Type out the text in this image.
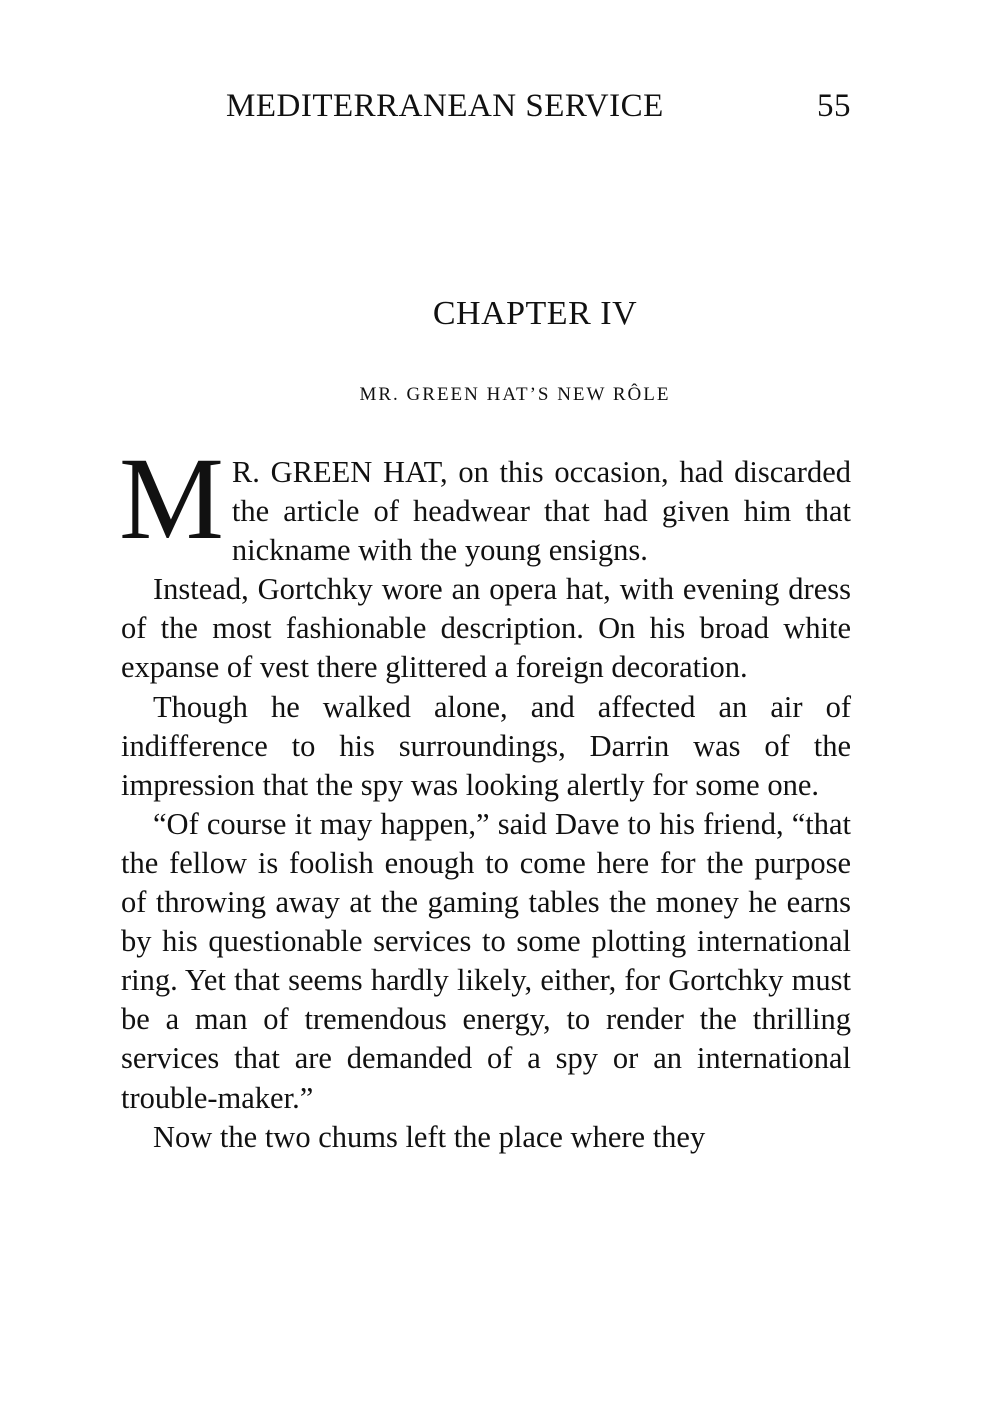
MEDITERRANEAN SERVICE	55
CHAPTER IV
MR. GREEN HAT’S NEW RÔLE

M R. GREEN HAT, on this occasion, had discarded the article of headwear that had given him that nickname with the young ensigns.

Instead, Gortchky wore an opera hat, with evening dress of the most fashionable description. On his broad white expanse of vest there glittered a foreign decoration.

Though he walked alone, and affected an air of indifference to his surroundings, Darrin was of the impression that the spy was looking alertly for some one.

“Of course it may happen,” said Dave to his friend, “that the fellow is foolish enough to come here for the purpose of throwing away at the gaming tables the money he earns by his questionable services to some plotting international ring. Yet that seems hardly likely, either, for Gortchky must be a man of tremendous energy, to render the thrilling services that are demanded of a spy or an international trouble-maker.”

Now the two chums left the place where they
